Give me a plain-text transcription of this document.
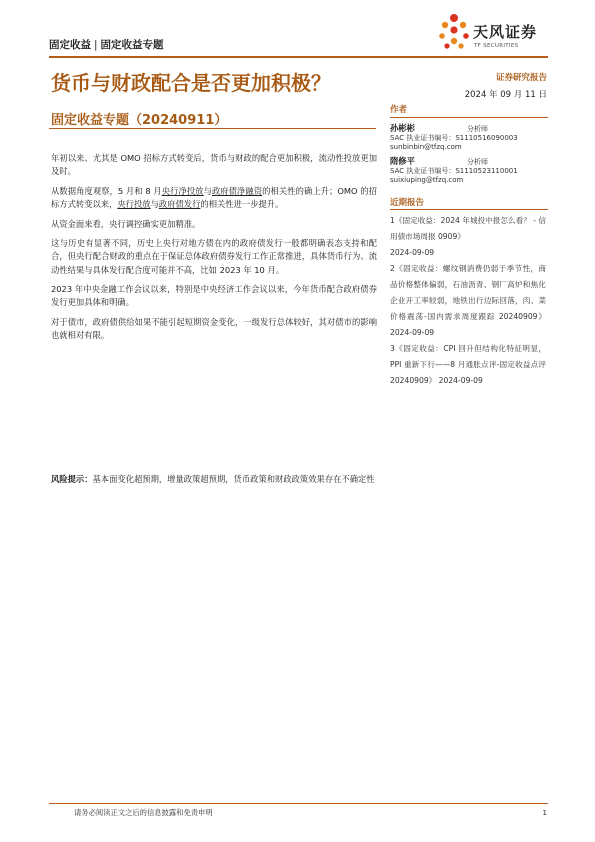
固定收益 | 固定收益专题
天风证券
TF SECURITIES
货币与财政配合是否更加积极？	证券研究报告
2024 年 09 月 11 日
固定收益专题（20240911）

年初以来、尤其是 OMO 招标方式转变后，货币与财政的配合更加积极，流动性投放更加及时。

从数据角度观察，5 月和 8 月央行净投放与政府债净融资的相关性的确上升；OMO 的招标方式转变以来，央行投放与政府债发行的相关性进一步提升。

从资金面来看，央行调控确实更加精准。

这与历史有显著不同，历史上央行对地方债在内的政府债发行一般都明确表态支持和配合，但央行配合财政的重点在于保证总体政府债券发行工作正常推进，具体货币行为、流动性结果与具体发行配合度可能并不高，比如 2023 年 10 月。

2023 年中央金融工作会议以来，特别是中央经济工作会议以来，今年货币配合政府债券发行更加具体和明确。

对于债市，政府债供给如果不能引起短期资金变化，一级发行总体较好，其对债市的影响也就相对有限。

风险提示：基本面变化超预期，增量政策超预期，货币政策和财政政策效果存在不确定性
作者
孙彬彬	分析师
SAC 执业证书编号：S1110516090003
sunbinbin@tfzq.com
隋修平	分析师
SAC 执业证书编号：S1110523110001
suixiuping@tfzq.com
近期报告

1《固定收益：2024 年城投中报怎么看？ - 信用债市场周报 0909》
2024-09-09

2《固定收益：螺纹钢消费仍弱于季节性，商品价格整体偏弱，石油沥青、钢厂高炉和焦化企业开工率较弱，地铁出行边际回落，肉、菜价格震荡-国内需求周度跟踪 20240909》 2024-09-09

3《固定收益：CPI 回升但结构化特征明显，PPI 重新下行——8 月通胀点评-固定收益点评 20240909》 2024-09-09

请务必阅读正文之后的信息披露和免责申明	1
